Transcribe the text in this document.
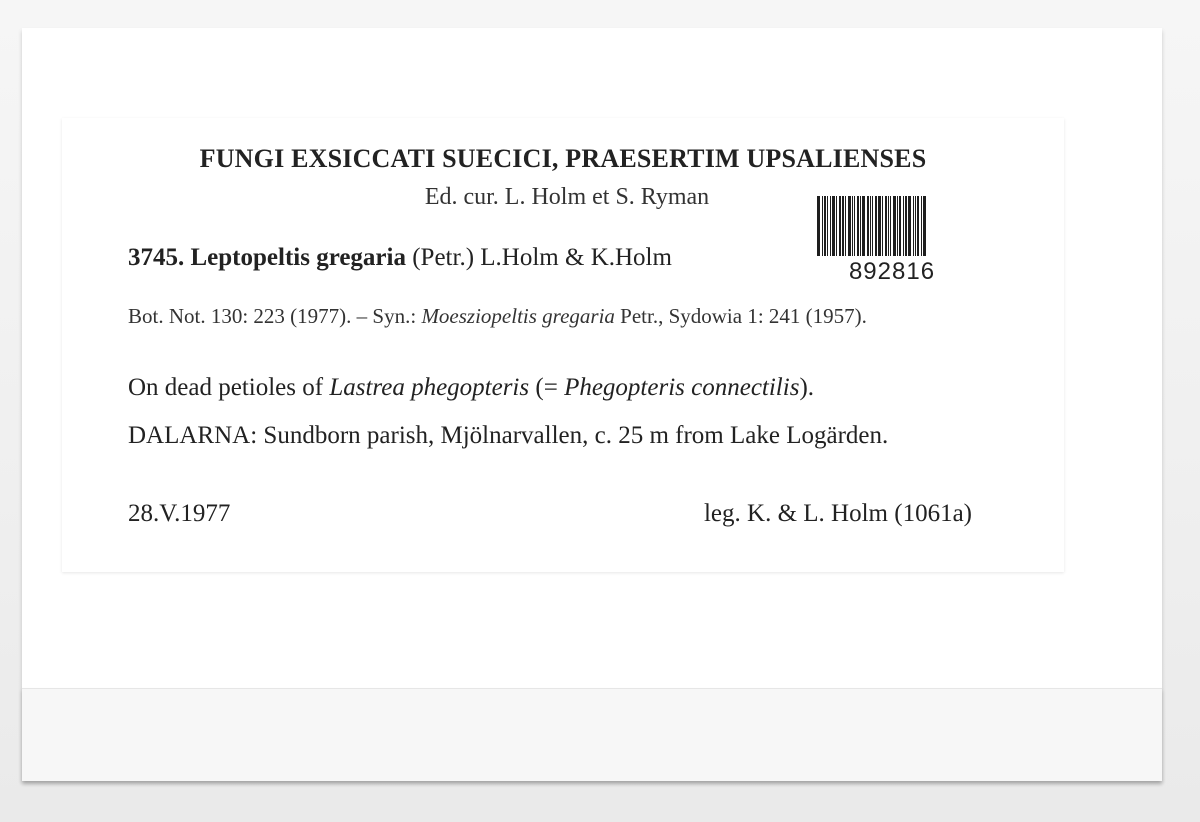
FUNGI EXSICCATI SUECICI, PRAESERTIM UPSALIENSES
Ed. cur. L. Holm et S. Ryman
892816
3745. Leptopeltis gregaria (Petr.) L.Holm & K.Holm
Bot. Not. 130: 223 (1977). – Syn.: Moesziopeltis gregaria Petr., Sydowia 1: 241 (1957).
On dead petioles of Lastrea phegopteris (= Phegopteris connectilis).
DALARNA: Sundborn parish, Mjölnarvallen, c. 25 m from Lake Logärden.
28.V.1977	leg. K. & L. Holm (1061a)
